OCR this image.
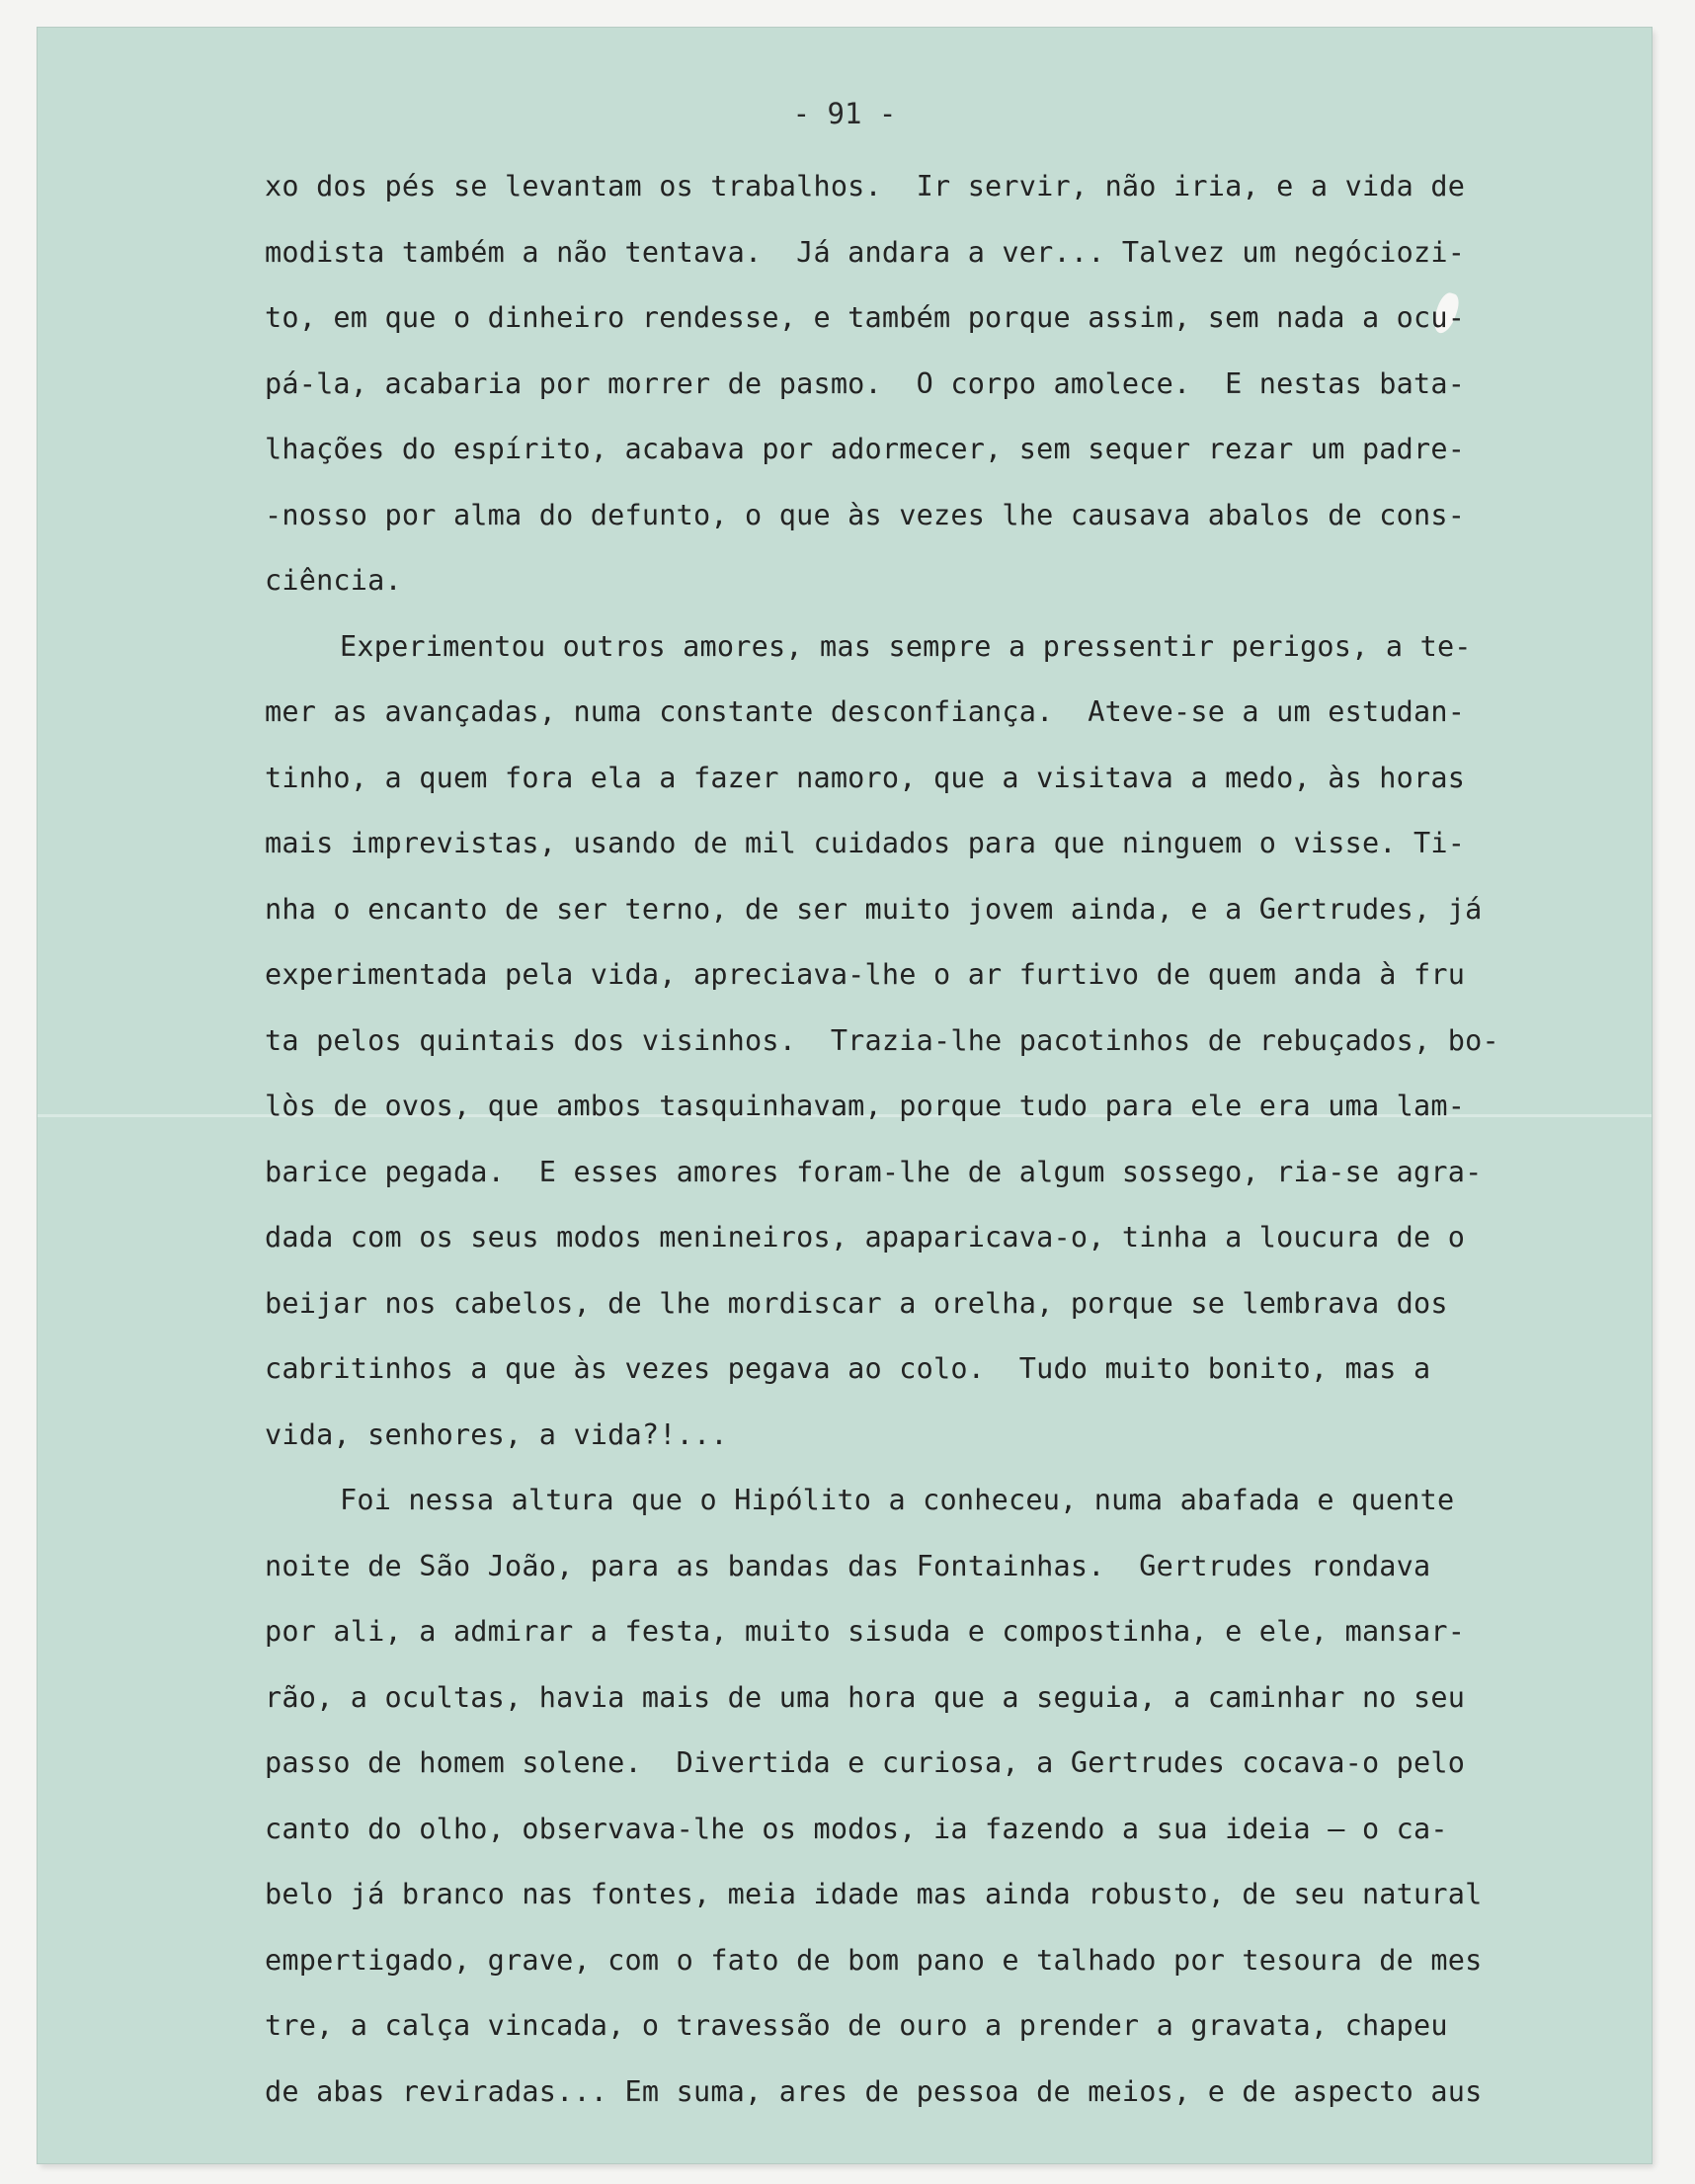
- 91 -
xo dos pés se levantam os trabalhos.  Ir servir, não iria, e a vida de
modista também a não tentava.  Já andara a ver... Talvez um negóciozi-
to, em que o dinheiro rendesse, e também porque assim, sem nada a ocu-
pá-la, acabaria por morrer de pasmo.  O corpo amolece.  E nestas bata-
lhações do espírito, acabava por adormecer, sem sequer rezar um padre-
-nosso por alma do defunto, o que às vezes lhe causava abalos de cons-
ciência.
Experimentou outros amores, mas sempre a pressentir perigos, a te-
mer as avançadas, numa constante desconfiança.  Ateve-se a um estudan-
tinho, a quem fora ela a fazer namoro, que a visitava a medo, às horas
mais imprevistas, usando de mil cuidados para que ninguem o visse. Ti-
nha o encanto de ser terno, de ser muito jovem ainda, e a Gertrudes, já
experimentada pela vida, apreciava-lhe o ar furtivo de quem anda à fru
ta pelos quintais dos visinhos.  Trazia-lhe pacotinhos de rebuçados, bo-
lòs de ovos, que ambos tasquinhavam, porque tudo para ele era uma lam-
barice pegada.  E esses amores foram-lhe de algum sossego, ria-se agra-
dada com os seus modos menineiros, apaparicava-o, tinha a loucura de o
beijar nos cabelos, de lhe mordiscar a orelha, porque se lembrava dos
cabritinhos a que às vezes pegava ao colo.  Tudo muito bonito, mas a
vida, senhores, a vida?!...
Foi nessa altura que o Hipólito a conheceu, numa abafada e quente
noite de São João, para as bandas das Fontainhas.  Gertrudes rondava
por ali, a admirar a festa, muito sisuda e compostinha, e ele, mansar-
rão, a ocultas, havia mais de uma hora que a seguia, a caminhar no seu
passo de homem solene.  Divertida e curiosa, a Gertrudes cocava-o pelo
canto do olho, observava-lhe os modos, ia fazendo a sua ideia — o ca-
belo já branco nas fontes, meia idade mas ainda robusto, de seu natural
empertigado, grave, com o fato de bom pano e talhado por tesoura de mes
tre, a calça vincada, o travessão de ouro a prender a gravata, chapeu
de abas reviradas... Em suma, ares de pessoa de meios, e de aspecto aus
